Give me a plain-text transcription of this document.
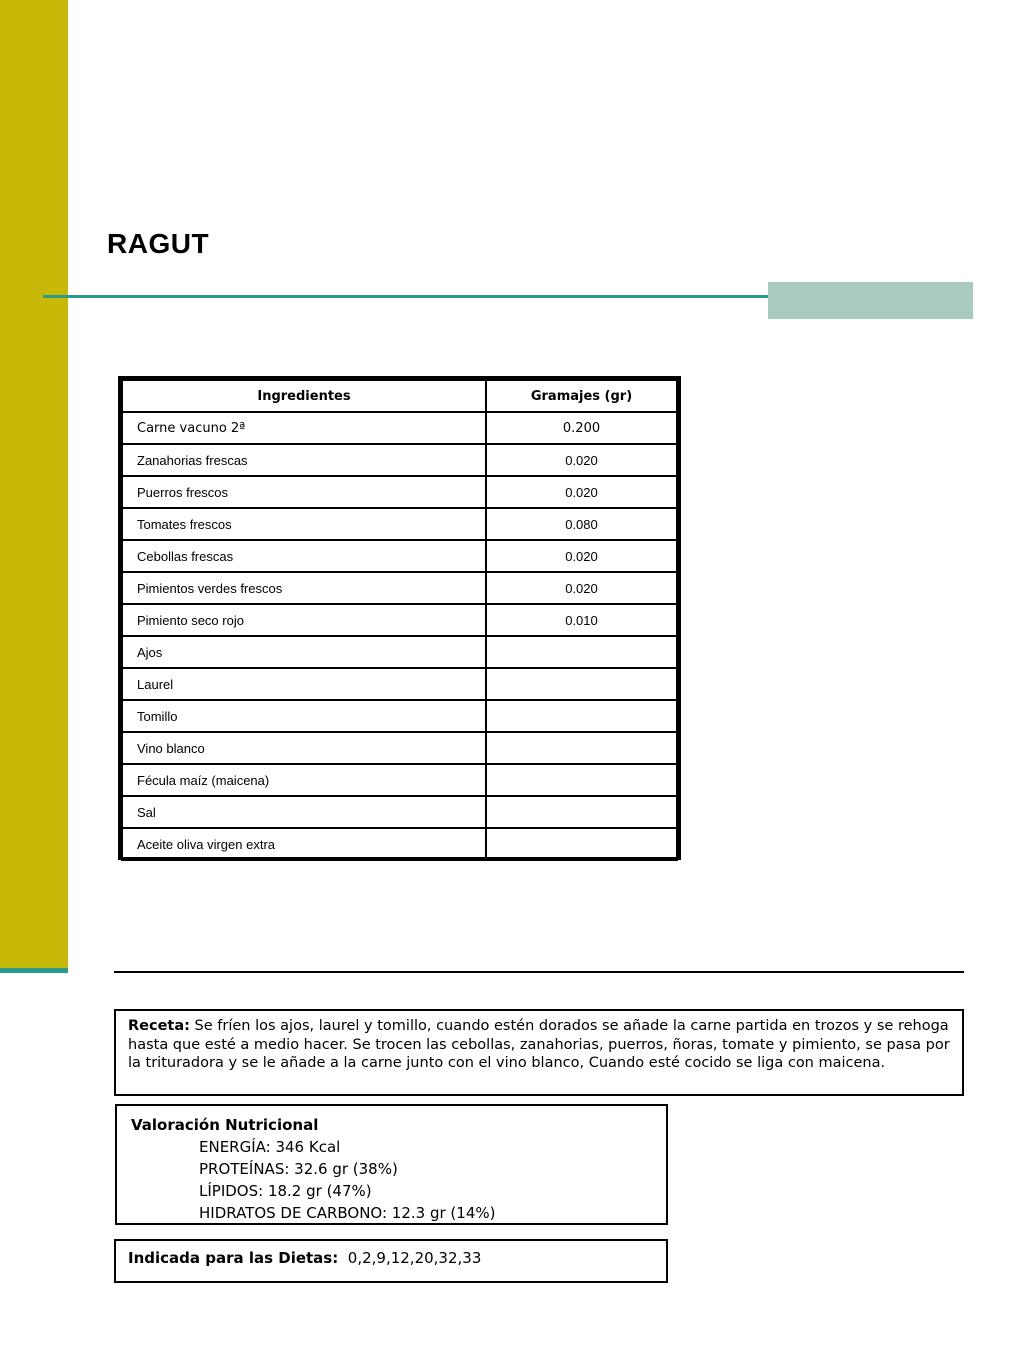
RAGUT
Ingredientes	Gramajes (gr)
Carne vacuno 2ª	0.200
Zanahorias frescas	0.020
Puerros frescos	0.020
Tomates frescos	0.080
Cebollas frescas	0.020
Pimientos verdes frescos	0.020
Pimiento seco rojo	0.010
Ajos	
Laurel	
Tomillo	
Vino blanco	
Fécula maíz (maicena)	
Sal	
Aceite oliva virgen extra	
Receta: Se fríen los ajos, laurel y tomillo, cuando estén dorados se añade la carne partida en trozos y se rehoga hasta que esté a medio hacer. Se trocen las cebollas, zanahorias, puerros, ñoras, tomate y pimiento, se pasa por la trituradora y se le añade a la carne junto con el vino blanco, Cuando esté cocido se liga con maicena.
Valoración Nutricional
ENERGÍA: 346 Kcal
PROTEÍNAS: 32.6 gr (38%)
LÍPIDOS: 18.2 gr (47%)
HIDRATOS DE CARBONO: 12.3 gr (14%)
Indicada para las Dietas: 0,2,9,12,20,32,33
